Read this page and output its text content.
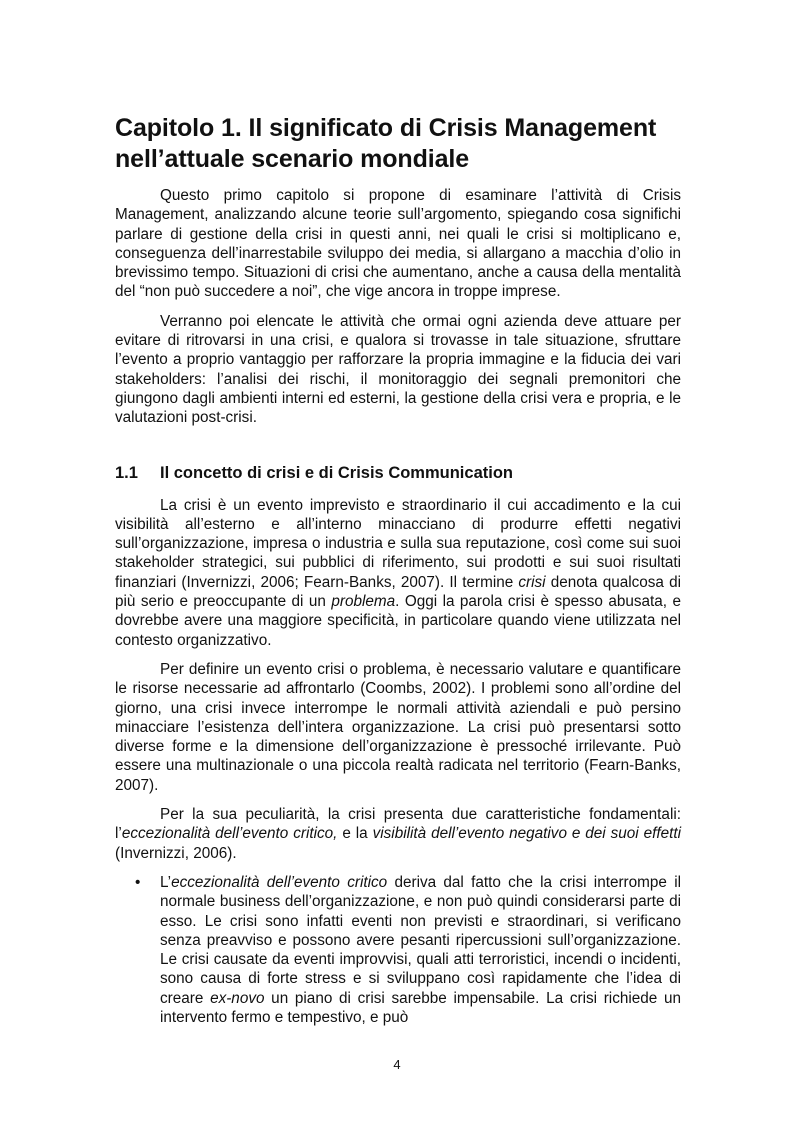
Capitolo 1. Il significato di Crisis Management nell’attuale scenario mondiale

Questo primo capitolo si propone di esaminare l’attività di Crisis Management, analizzando alcune teorie sull’argomento, spiegando cosa significhi parlare di gestione della crisi in questi anni, nei quali le crisi si moltiplicano e, conseguenza dell’inarrestabile sviluppo dei media, si allargano a macchia d’olio in brevissimo tempo. Situazioni di crisi che aumentano, anche a causa della mentalità del “non può succedere a noi”, che vige ancora in troppe imprese.

Verranno poi elencate le attività che ormai ogni azienda deve attuare per evitare di ritrovarsi in una crisi, e qualora si trovasse in tale situazione, sfruttare l’evento a proprio vantaggio per rafforzare la propria immagine e la fiducia dei vari stakeholders: l’analisi dei rischi, il monitoraggio dei segnali premonitori che giungono dagli ambienti interni ed esterni, la gestione della crisi vera e propria, e le valutazioni post-crisi.

1.1	Il concetto di crisi e di Crisis Communication

La crisi è un evento imprevisto e straordinario il cui accadimento e la cui visibilità all’esterno e all’interno minacciano di produrre effetti negativi sull’organizzazione, impresa o industria e sulla sua reputazione, così come sui suoi stakeholder strategici, sui pubblici di riferimento, sui prodotti e sui suoi risultati finanziari (Invernizzi, 2006; Fearn-Banks, 2007). Il termine crisi denota qualcosa di più serio e preoccupante di un problema. Oggi la parola crisi è spesso abusata, e dovrebbe avere una maggiore specificità, in particolare quando viene utilizzata nel contesto organizzativo.

Per definire un evento crisi o problema, è necessario valutare e quantificare le risorse necessarie ad affrontarlo (Coombs, 2002). I problemi sono all’ordine del giorno, una crisi invece interrompe le normali attività aziendali e può persino minacciare l’esistenza dell’intera organizzazione. La crisi può presentarsi sotto diverse forme e la dimensione dell’organizzazione è pressoché irrilevante. Può essere una multinazionale o una piccola realtà radicata nel territorio (Fearn-Banks, 2007).

Per la sua peculiarità, la crisi presenta due caratteristiche fondamentali: l’eccezionalità dell’evento critico, e la visibilità dell’evento negativo e dei suoi effetti (Invernizzi, 2006).

• L’eccezionalità dell’evento critico deriva dal fatto che la crisi interrompe il normale business dell’organizzazione, e non può quindi considerarsi parte di esso. Le crisi sono infatti eventi non previsti e straordinari, si verificano senza preavviso e possono avere pesanti ripercussioni sull’organizzazione. Le crisi causate da eventi improvvisi, quali atti terroristici, incendi o incidenti, sono causa di forte stress e si sviluppano così rapidamente che l’idea di creare ex-novo un piano di crisi sarebbe impensabile. La crisi richiede un intervento fermo e tempestivo, e può
4
